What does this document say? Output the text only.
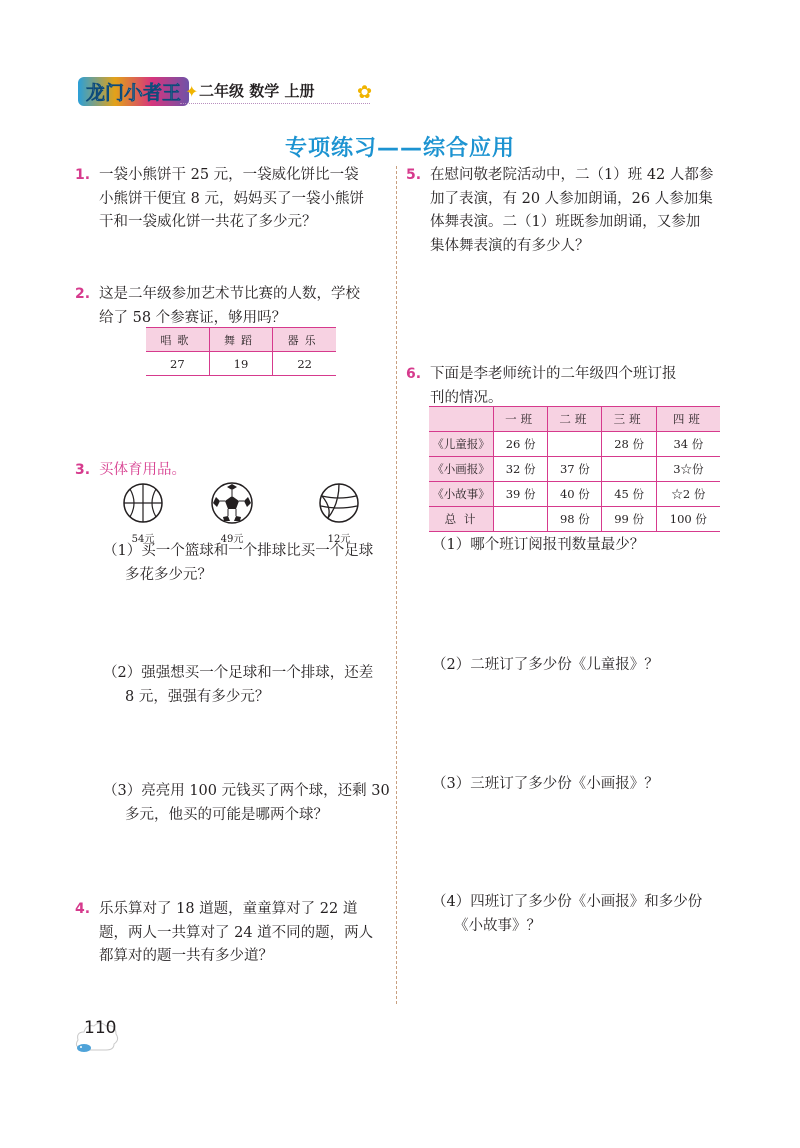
龙门小者王	二年级 数学 上册
✦	✿
专项练习——综合应用
1. 一袋小熊饼干 25 元，一袋威化饼比一袋
小熊饼干便宜 8 元，妈妈买了一袋小熊饼
干和一袋威化饼一共花了多少元？
2. 这是二年级参加艺术节比赛的人数，学校
给了 58 个参赛证，够用吗？
唱歌	舞蹈	器乐
27	19	22
3. 买体育用品。
54元	49元	12元
（1）买一个篮球和一个排球比买一个足球
多花多少元？
（2）强强想买一个足球和一个排球，还差
8 元，强强有多少元？
（3）亮亮用 100 元钱买了两个球，还剩 30
多元，他买的可能是哪两个球？
4. 乐乐算对了 18 道题，童童算对了 22 道
题，两人一共算对了 24 道不同的题，两人
都算对的题一共有多少道？
5. 在慰问敬老院活动中，二（1）班 42 人都参
加了表演，有 20 人参加朗诵，26 人参加集
体舞表演。二（1）班既参加朗诵，又参加
集体舞表演的有多少人？
6. 下面是李老师统计的二年级四个班订报
刊的情况。
	一班	二班	三班	四班
《儿童报》	26 份		28 份	34 份
《小画报》	32 份	37 份		3☆份
《小故事》	39 份	40 份	45 份	☆2 份
总 计		98 份	99 份	100 份
（1）哪个班订阅报刊数量最少？
（2）二班订了多少份《儿童报》？
（3）三班订了多少份《小画报》？
（4）四班订了多少份《小画报》和多少份
《小故事》？
110
